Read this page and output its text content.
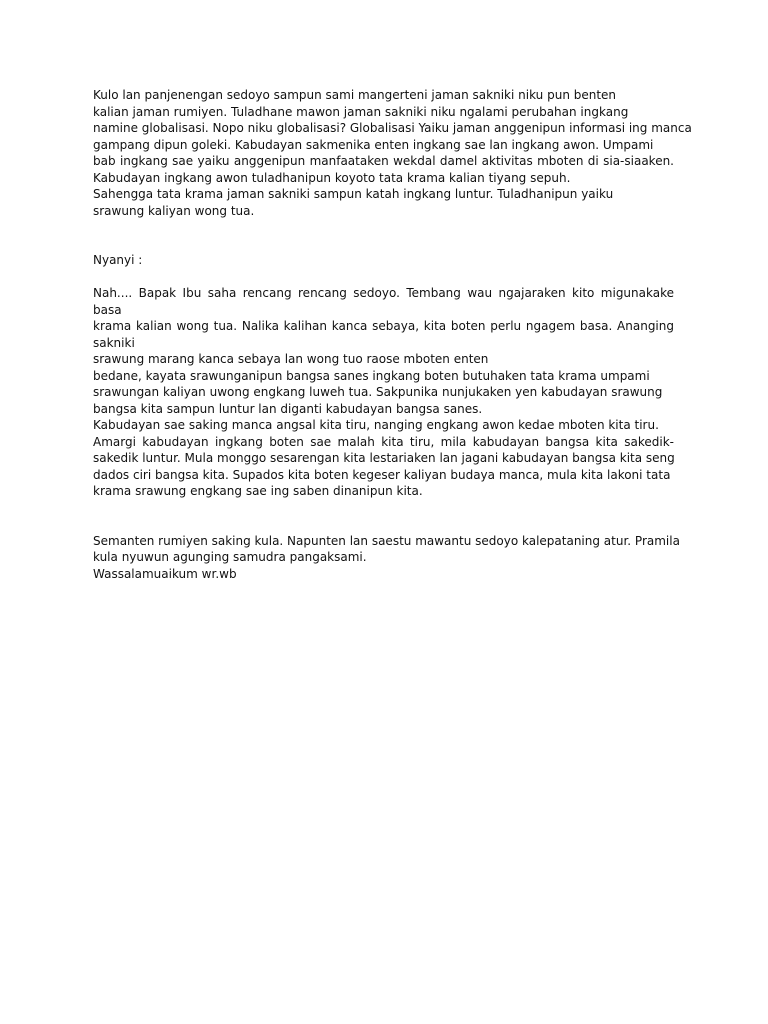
Kulo lan panjenengan sedoyo sampun sami mangerteni jaman sakniki niku pun benten
kalian jaman rumiyen. Tuladhane mawon jaman sakniki niku ngalami perubahan ingkang
namine globalisasi. Nopo niku globalisasi? Globalisasi Yaiku jaman anggenipun informasi ing manca
gampang dipun goleki. Kabudayan sakmenika enten ingkang sae lan ingkang awon. Umpami
bab ingkang sae yaiku anggenipun manfaataken wekdal damel aktivitas mboten di sia-siaaken.
Kabudayan ingkang awon tuladhanipun koyoto tata krama kalian tiyang sepuh.
Sahengga tata krama jaman sakniki sampun katah ingkang luntur. Tuladhanipun yaiku
srawung kaliyan wong tua.
Nyanyi :
Nah.... Bapak Ibu saha rencang rencang sedoyo. Tembang wau ngajaraken kito migunakake basa
krama kalian wong tua. Nalika kalihan kanca sebaya, kita boten perlu ngagem basa. Ananging sakniki
srawung marang kanca sebaya lan wong tuo raose mboten enten
bedane, kayata srawunganipun bangsa sanes ingkang boten butuhaken tata krama umpami
srawungan kaliyan uwong engkang luweh tua. Sakpunika nunjukaken yen kabudayan srawung
bangsa kita sampun luntur lan diganti kabudayan bangsa sanes.
Kabudayan sae saking manca angsal kita tiru, nanging engkang awon kedae mboten kita tiru.
Amargi kabudayan ingkang boten sae malah kita tiru, mila kabudayan bangsa kita sakedik-
sakedik luntur. Mula monggo sesarengan kita lestariaken lan jagani kabudayan bangsa kita seng
dados ciri bangsa kita. Supados kita boten kegeser kaliyan budaya manca, mula kita lakoni tata
krama srawung engkang sae ing saben dinanipun kita.
Semanten rumiyen saking kula. Napunten lan saestu mawantu sedoyo kalepataning atur. Pramila
kula nyuwun agunging samudra pangaksami.
Wassalamuaikum wr.wb
